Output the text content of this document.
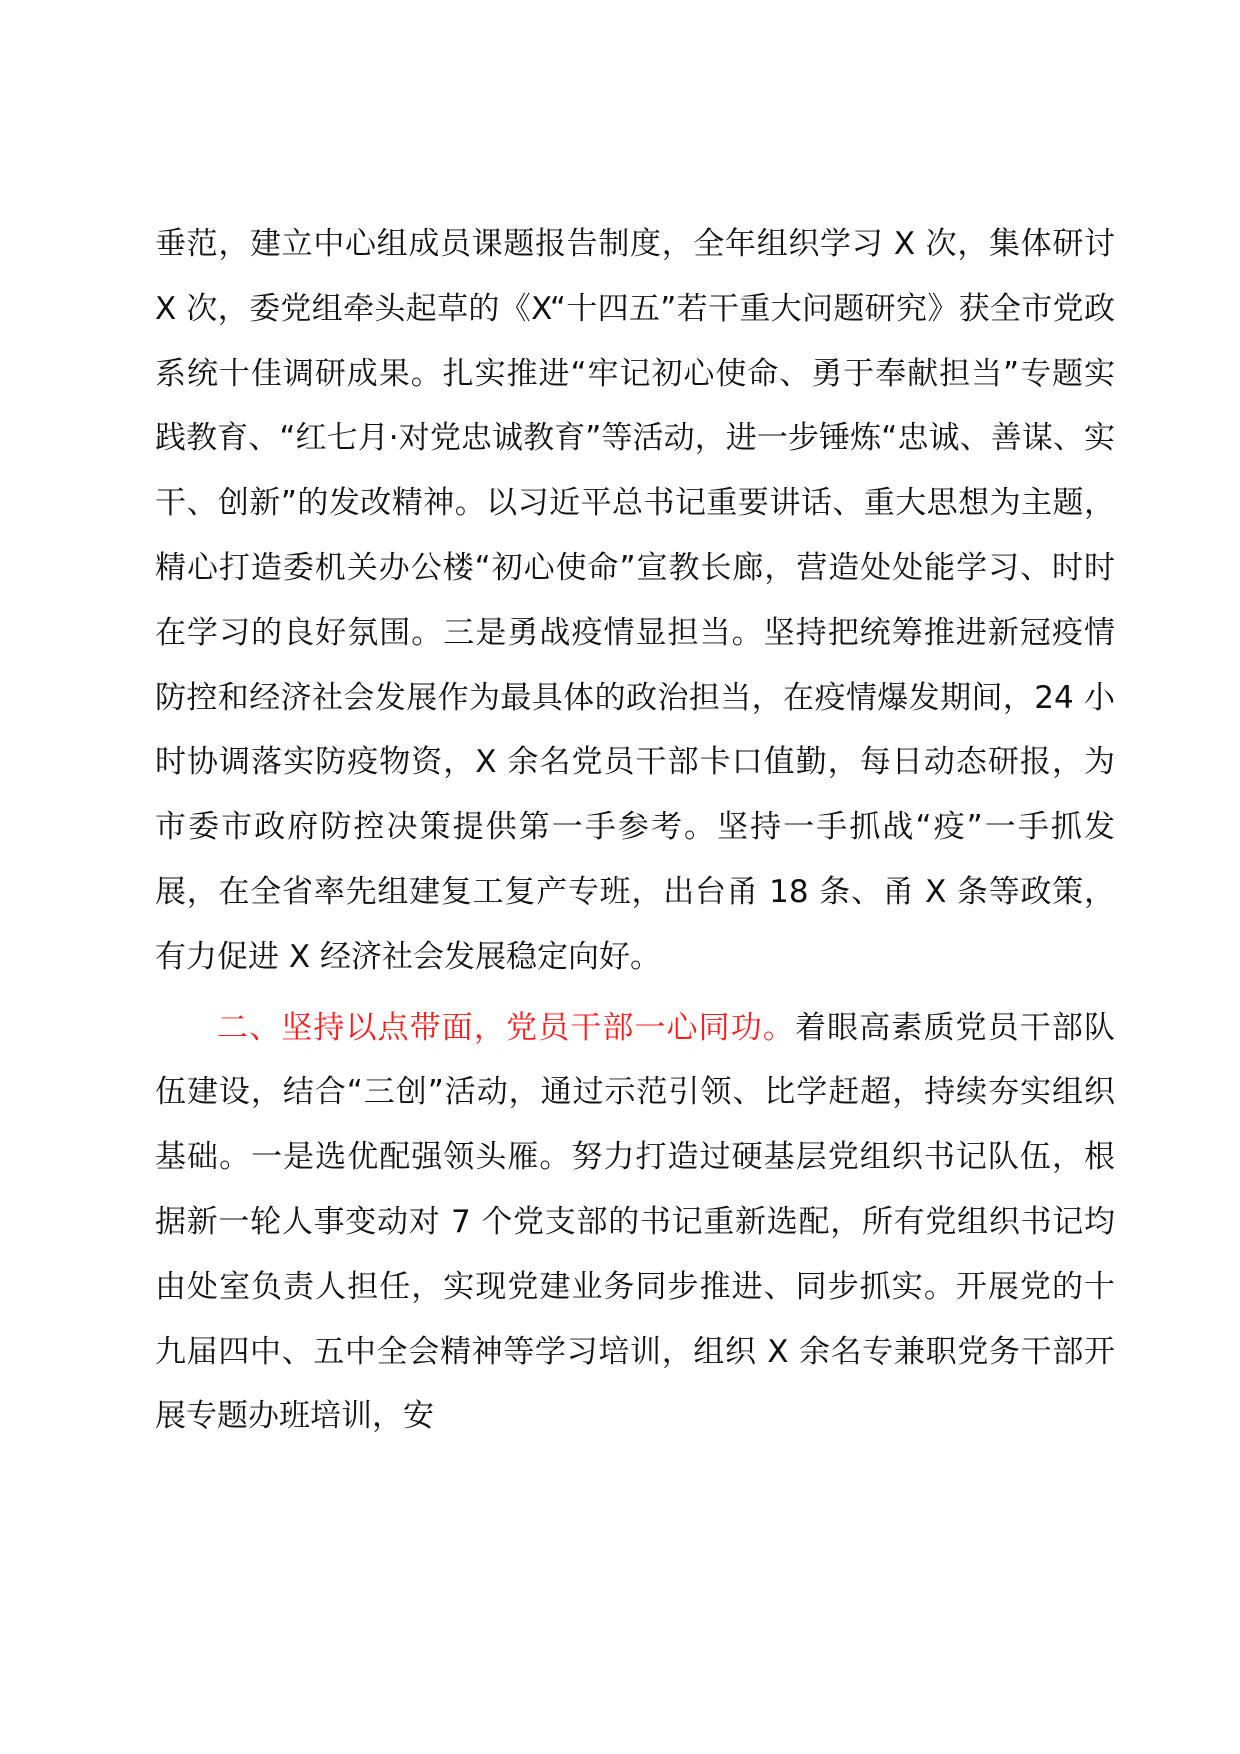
垂范，建立中心组成员课题报告制度，全年组织学习 X 次，集体研讨 X 次，委党组牵头起草的《X“十四五”若干重大问题研究》获全市党政系统十佳调研成果。扎实推进“牢记初心使命、勇于奉献担当”专题实践教育、“红七月·对党忠诚教育”等活动，进一步锤炼“忠诚、善谋、实干、创新”的发改精神。以习近平总书记重要讲话、重大思想为主题，精心打造委机关办公楼“初心使命”宣教长廊，营造处处能学习、时时在学习的良好氛围。三是勇战疫情显担当。坚持把统筹推进新冠疫情防控和经济社会发展作为最具体的政治担当，在疫情爆发期间，24 小时协调落实防疫物资，X 余名党员干部卡口值勤，每日动态研报，为市委市政府防控决策提供第一手参考。坚持一手抓战“疫”一手抓发展，在全省率先组建复工复产专班，出台甬 18 条、甬 X 条等政策，有力促进 X 经济社会发展稳定向好。

二、坚持以点带面，党员干部一心同功。着眼高素质党员干部队伍建设，结合“三创”活动，通过示范引领、比学赶超，持续夯实组织基础。一是选优配强领头雁。努力打造过硬基层党组织书记队伍，根据新一轮人事变动对 7 个党支部的书记重新选配，所有党组织书记均由处室负责人担任，实现党建业务同步推进、同步抓实。开展党的十九届四中、五中全会精神等学习培训，组织 X 余名专兼职党务干部开展专题办班培训，安
